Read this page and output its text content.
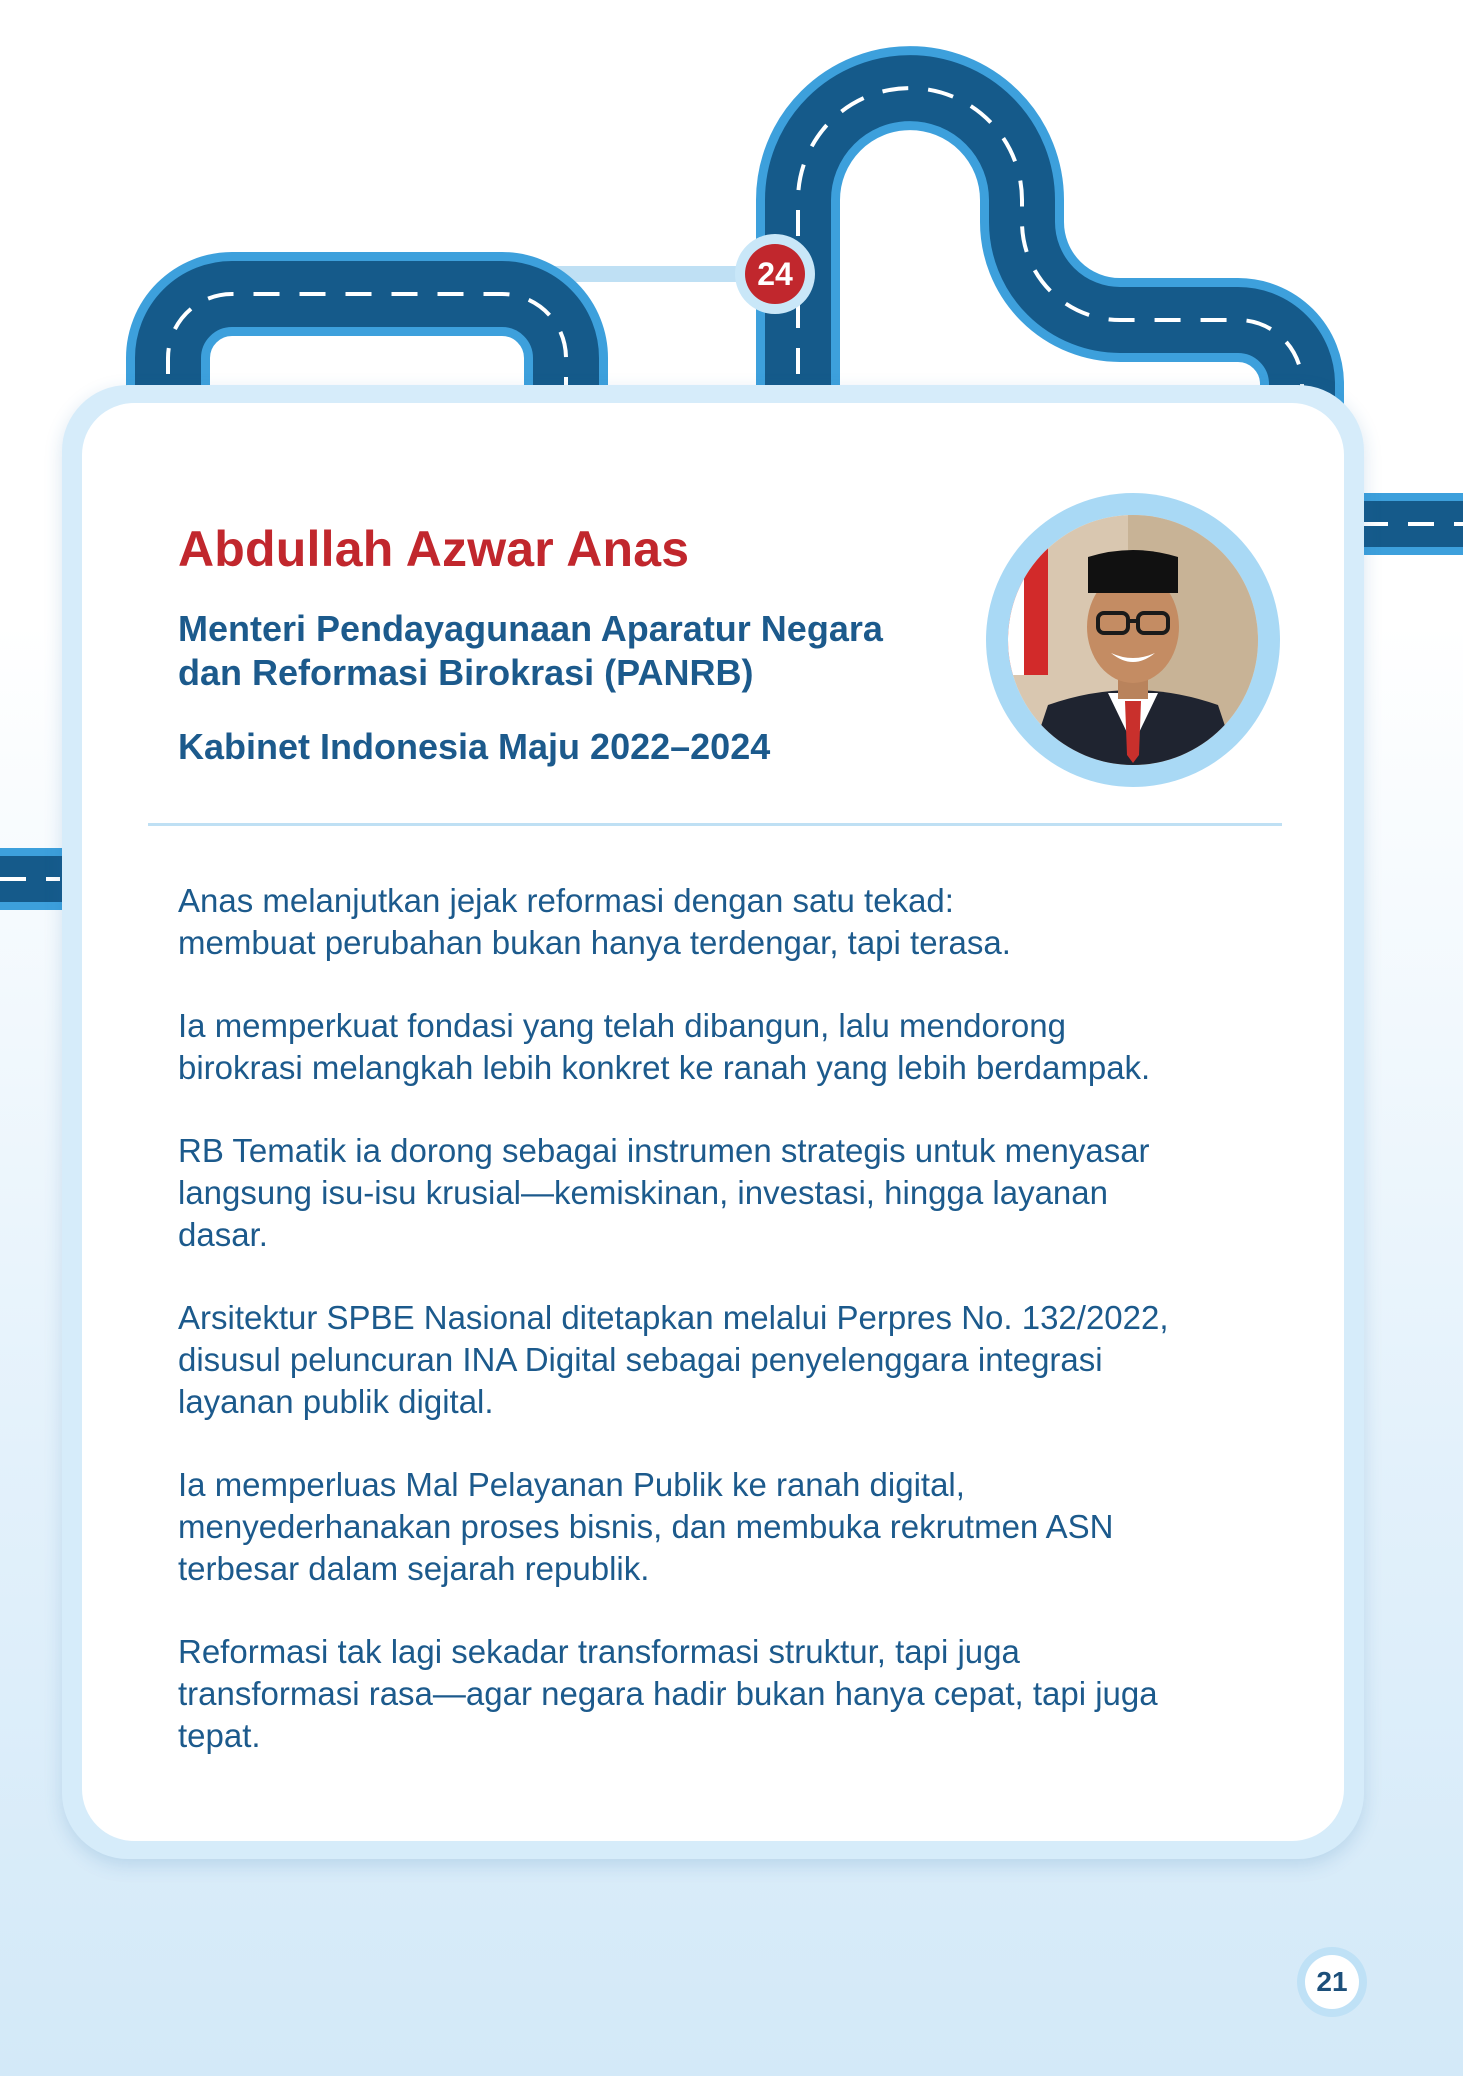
24
Abdullah Azwar Anas
Menteri Pendayagunaan Aparatur Negara
dan Reformasi Birokrasi (PANRB)
Kabinet Indonesia Maju 2022–2024

Anas melanjutkan jejak reformasi dengan satu tekad:
membuat perubahan bukan hanya terdengar, tapi terasa.

Ia memperkuat fondasi yang telah dibangun, lalu mendorong
birokrasi melangkah lebih konkret ke ranah yang lebih berdampak.

RB Tematik ia dorong sebagai instrumen strategis untuk menyasar
langsung isu-isu krusial—kemiskinan, investasi, hingga layanan
dasar.

Arsitektur SPBE Nasional ditetapkan melalui Perpres No. 132/2022,
disusul peluncuran INA Digital sebagai penyelenggara integrasi
layanan publik digital.

Ia memperluas Mal Pelayanan Publik ke ranah digital,
menyederhanakan proses bisnis, dan membuka rekrutmen ASN
terbesar dalam sejarah republik.

Reformasi tak lagi sekadar transformasi struktur, tapi juga
transformasi rasa—agar negara hadir bukan hanya cepat, tapi juga
tepat.

21
